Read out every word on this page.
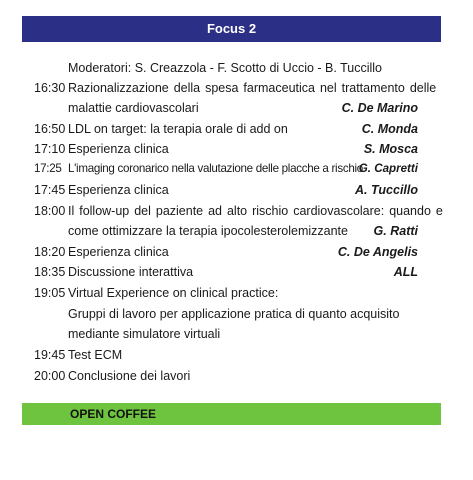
Focus 2
Moderatori: S. Creazzola - F. Scotto di Uccio - B. Tuccillo
16:30 Razionalizzazione della spesa farmaceutica nel trattamento delle
malattie cardiovascolari	C. De Marino
16:50 LDL on target: la terapia orale di add on	C. Monda
17:10 Esperienza clinica	S. Mosca
17:25 L'imaging coronarico nella valutazione delle placche a rischio
G. Capretti
17:45 Esperienza clinica	A. Tuccillo
18:00 Il follow-up del paziente ad alto rischio cardiovascolare: quando e
come ottimizzare la terapia ipocolesterolemizzante G. Ratti
18:20 Esperienza clinica	C. De Angelis
18:35 Discussione interattiva	ALL
19:05 Virtual Experience on clinical practice:
Gruppi di lavoro per applicazione pratica di quanto acquisito
mediante simulatore virtuali
19:45 Test ECM
20:00 Conclusione dei lavori
OPEN COFFEE
